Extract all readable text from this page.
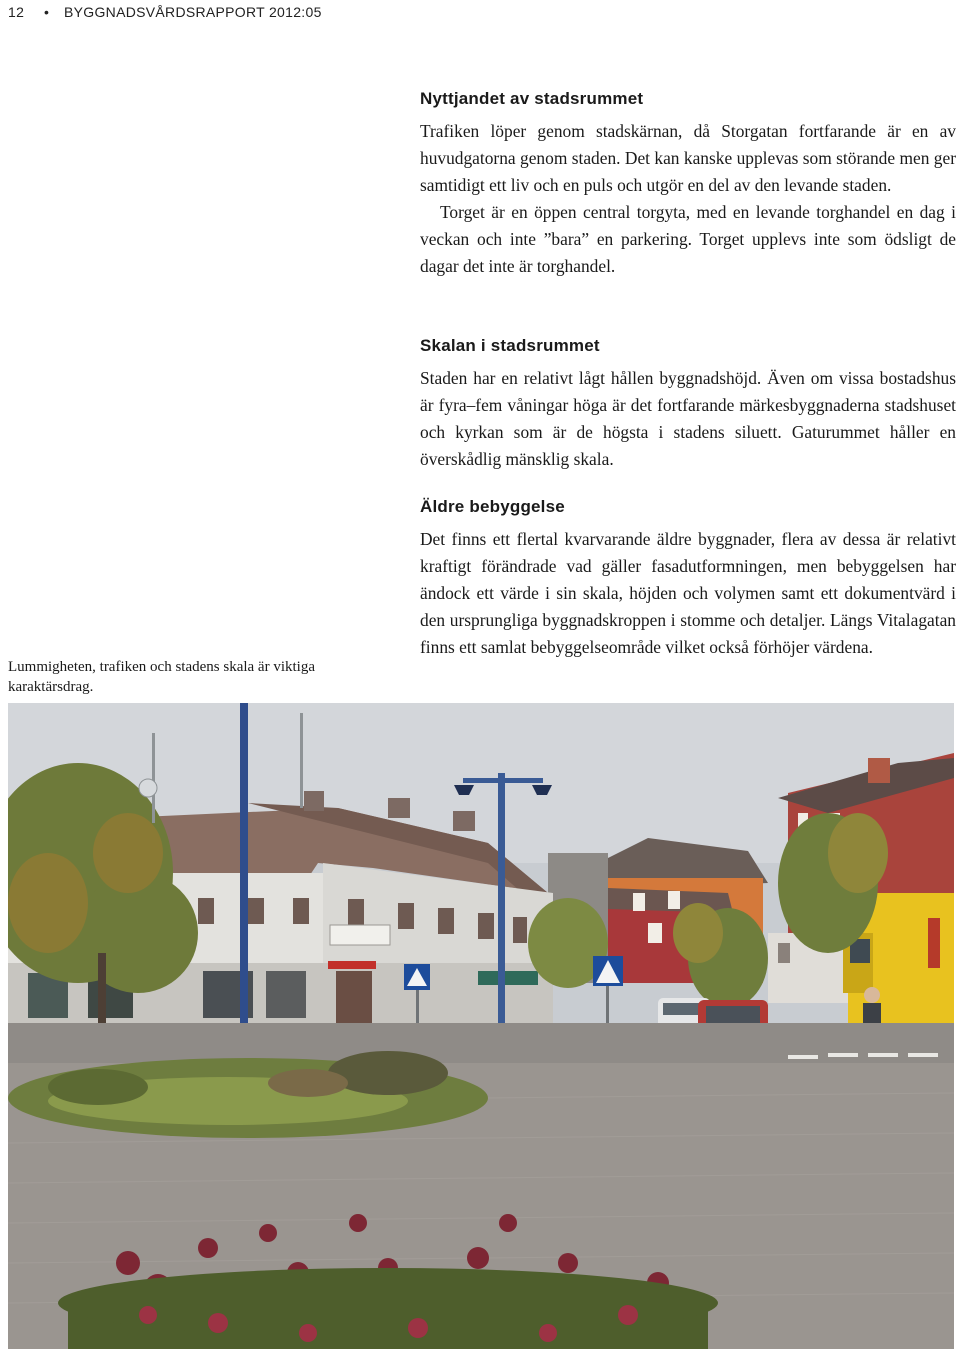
12 • BYGGNADSVÅRDSRAPPORT 2012:05
Nyttjandet av stadsrummet

Trafiken löper genom stadskärnan, då Storgatan fortfarande är en av huvudgatorna genom staden. Det kan kanske upplevas som störande men ger samtidigt ett liv och en puls och utgör en del av den levande staden.

Torget är en öppen central torgyta, med en levande torghandel en dag i veckan och inte ”bara” en parkering. Torget upplevs inte som ödsligt de dagar det inte är torghandel.

Skalan i stadsrummet

Staden har en relativt lågt hållen byggnadshöjd. Även om vissa bostadshus är fyra–fem våningar höga är det fortfarande märkesbyggnaderna stadshuset och kyrkan som är de högsta i stadens siluett. Gaturummet håller en överskådlig mänsklig skala.

Äldre bebyggelse

Det finns ett flertal kvarvarande äldre byggnader, flera av dessa är relativt kraftigt förändrade vad gäller fasadutformningen, men bebyggelsen har ändock ett värde i sin skala, höjden och volymen samt ett dokumentvärd i den ursprungliga byggnadskroppen i stomme och detaljer. Längs Vitalagatan finns ett samlat bebyggelseområde vilket också förhöjer värdena.

Lummigheten, trafiken och stadens skala är viktiga karaktärsdrag.
